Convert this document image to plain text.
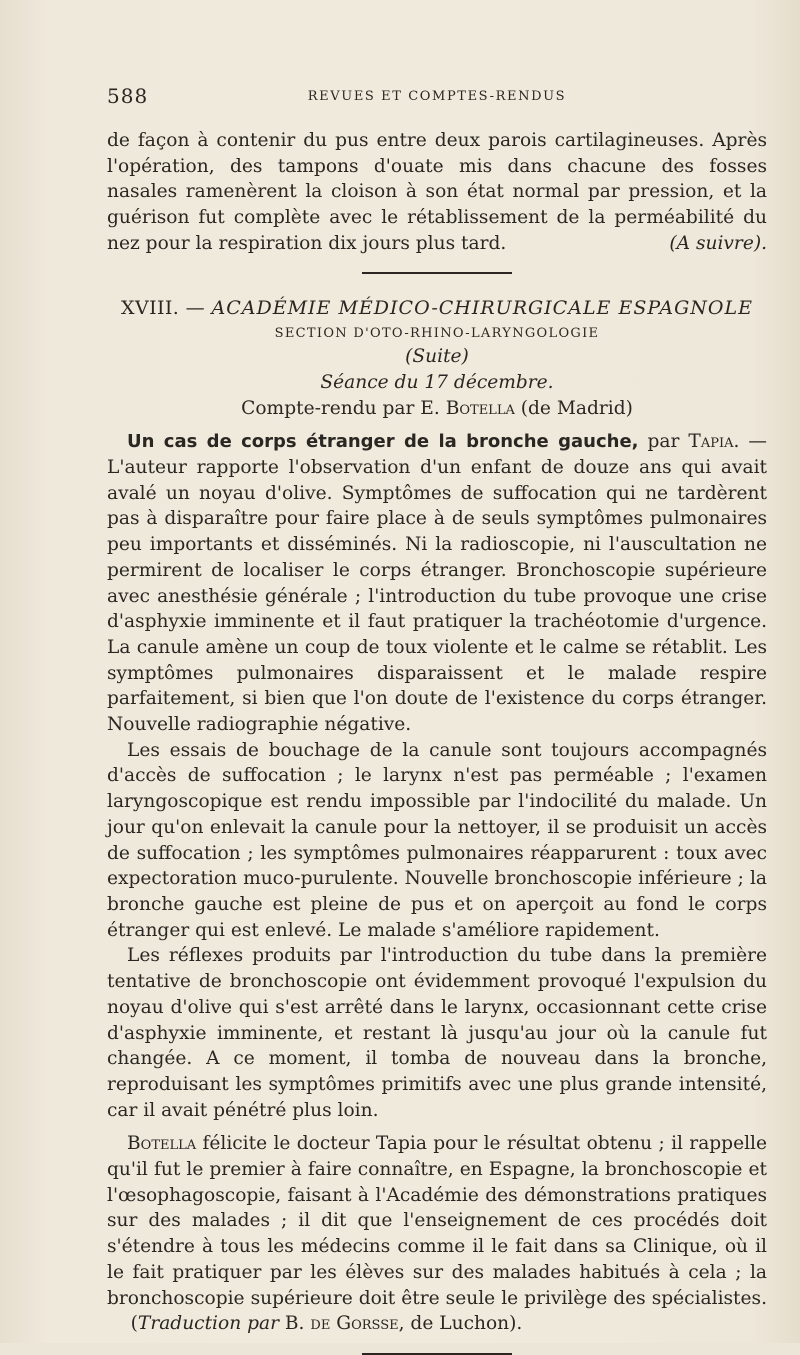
588	REVUES ET COMPTES-RENDUS

de façon à contenir du pus entre deux parois cartilagineuses. Après l'opération, des tampons d'ouate mis dans chacune des fosses nasales ramenèrent la cloison à son état normal par pression, et la guérison fut complète avec le rétablissement de la perméabilité du nez pour la respiration dix jours plus tard.	(A suivre).

XVIII. — ACADÉMIE MÉDICO-CHIRURGICALE ESPAGNOLE
SECTION D'OTO-RHINO-LARYNGOLOGIE
(Suite)
Séance du 17 décembre.
Compte-rendu par E. Botella (de Madrid)

Un cas de corps étranger de la bronche gauche, par Tapia. — L'auteur rapporte l'observation d'un enfant de douze ans qui avait avalé un noyau d'olive. Symptômes de suffocation qui ne tardèrent pas à disparaître pour faire place à de seuls symptômes pulmonaires peu importants et disséminés. Ni la radioscopie, ni l'auscultation ne permirent de localiser le corps étranger. Bronchoscopie supérieure avec anesthésie générale ; l'introduction du tube provoque une crise d'asphyxie imminente et il faut pratiquer la trachéotomie d'urgence. La canule amène un coup de toux violente et le calme se rétablit. Les symptômes pulmonaires disparaissent et le malade respire parfaitement, si bien que l'on doute de l'existence du corps étranger. Nouvelle radiographie négative.

Les essais de bouchage de la canule sont toujours accompagnés d'accès de suffocation ; le larynx n'est pas perméable ; l'examen laryngoscopique est rendu impossible par l'indocilité du malade. Un jour qu'on enlevait la canule pour la nettoyer, il se produisit un accès de suffocation ; les symptômes pulmonaires réapparurent : toux avec expectoration muco-purulente. Nouvelle bronchoscopie inférieure ; la bronche gauche est pleine de pus et on aperçoit au fond le corps étranger qui est enlevé. Le malade s'améliore rapidement.

Les réflexes produits par l'introduction du tube dans la première tentative de bronchoscopie ont évidemment provoqué l'expulsion du noyau d'olive qui s'est arrêté dans le larynx, occasionnant cette crise d'asphyxie imminente, et restant là jusqu'au jour où la canule fut changée. A ce moment, il tomba de nouveau dans la bronche, reproduisant les symptômes primitifs avec une plus grande intensité, car il avait pénétré plus loin.

Botella félicite le docteur Tapia pour le résultat obtenu ; il rappelle qu'il fut le premier à faire connaître, en Espagne, la bronchoscopie et l'œsophagoscopie, faisant à l'Académie des démonstrations pratiques sur des malades ; il dit que l'enseignement de ces procédés doit s'étendre à tous les médecins comme il le fait dans sa Clinique, où il le fait pratiquer par les élèves sur des malades habitués à cela ; la bronchoscopie supérieure doit être seule le privilège des spécialistes.     (Traduction par B. de Gorsse, de Luchon).
